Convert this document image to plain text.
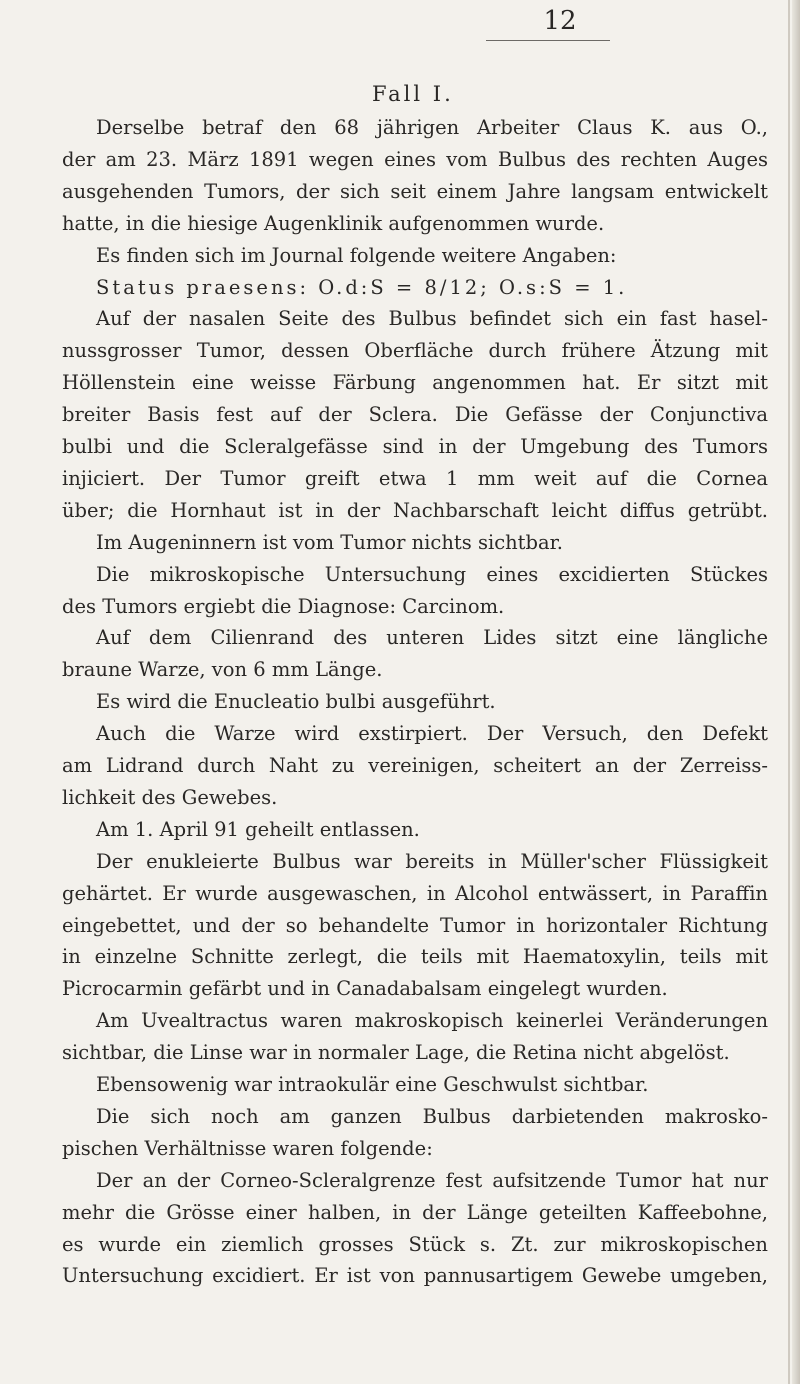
12
Fall I.
Derselbe betraf den 68 jährigen Arbeiter Claus K. aus O.,
der am 23. März 1891 wegen eines vom Bulbus des rechten Auges
ausgehenden Tumors, der sich seit einem Jahre langsam entwickelt
hatte, in die hiesige Augenklinik aufgenommen wurde.
Es finden sich im Journal folgende weitere Angaben:
Status praesens: O.d:S = 8/12; O.s:S = 1.
Auf der nasalen Seite des Bulbus befindet sich ein fast hasel-
nussgrosser Tumor, dessen Oberfläche durch frühere Ätzung mit
Höllenstein eine weisse Färbung angenommen hat. Er sitzt mit
breiter Basis fest auf der Sclera. Die Gefässe der Conjunctiva
bulbi und die Scleralgefässe sind in der Umgebung des Tumors
injiciert. Der Tumor greift etwa 1 mm weit auf die Cornea
über; die Hornhaut ist in der Nachbarschaft leicht diffus getrübt.
Im Augeninnern ist vom Tumor nichts sichtbar.
Die mikroskopische Untersuchung eines excidierten Stückes
des Tumors ergiebt die Diagnose: Carcinom.
Auf dem Cilienrand des unteren Lides sitzt eine längliche
braune Warze, von 6 mm Länge.
Es wird die Enucleatio bulbi ausgeführt.
Auch die Warze wird exstirpiert. Der Versuch, den Defekt
am Lidrand durch Naht zu vereinigen, scheitert an der Zerreiss-
lichkeit des Gewebes.
Am 1. April 91 geheilt entlassen.
Der enukleierte Bulbus war bereits in Müller'scher Flüssigkeit
gehärtet. Er wurde ausgewaschen, in Alcohol entwässert, in Paraffin
eingebettet, und der so behandelte Tumor in horizontaler Richtung
in einzelne Schnitte zerlegt, die teils mit Haematoxylin, teils mit
Picrocarmin gefärbt und in Canadabalsam eingelegt wurden.
Am Uvealtractus waren makroskopisch keinerlei Veränderungen
sichtbar, die Linse war in normaler Lage, die Retina nicht abgelöst.
Ebensowenig war intraokulär eine Geschwulst sichtbar.
Die sich noch am ganzen Bulbus darbietenden makrosko-
pischen Verhältnisse waren folgende:
Der an der Corneo-Scleralgrenze fest aufsitzende Tumor hat nur
mehr die Grösse einer halben, in der Länge geteilten Kaffeebohne,
es wurde ein ziemlich grosses Stück s. Zt. zur mikroskopischen
Untersuchung excidiert. Er ist von pannusartigem Gewebe umgeben,
